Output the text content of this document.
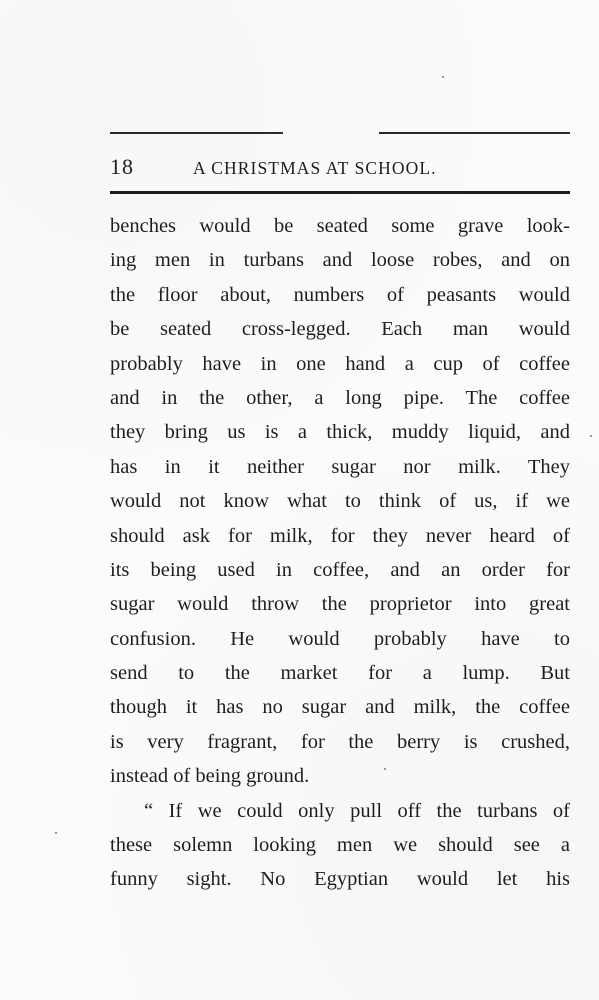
18	A CHRISTMAS AT SCHOOL.
benches would be seated some grave look-
ing men in turbans and loose robes, and on
the floor about, numbers of peasants would
be seated cross-legged. Each man would
probably have in one hand a cup of coffee
and in the other, a long pipe. The coffee
they bring us is a thick, muddy liquid, and
has in it neither sugar nor milk. They
would not know what to think of us, if we
should ask for milk, for they never heard of
its being used in coffee, and an order for
sugar would throw the proprietor into great
confusion. He would probably have to
send to the market for a lump. But
though it has no sugar and milk, the coffee
is very fragrant, for the berry is crushed,
instead of being ground.
“ If we could only pull off the turbans of
these solemn looking men we should see a
funny sight. No Egyptian would let his
